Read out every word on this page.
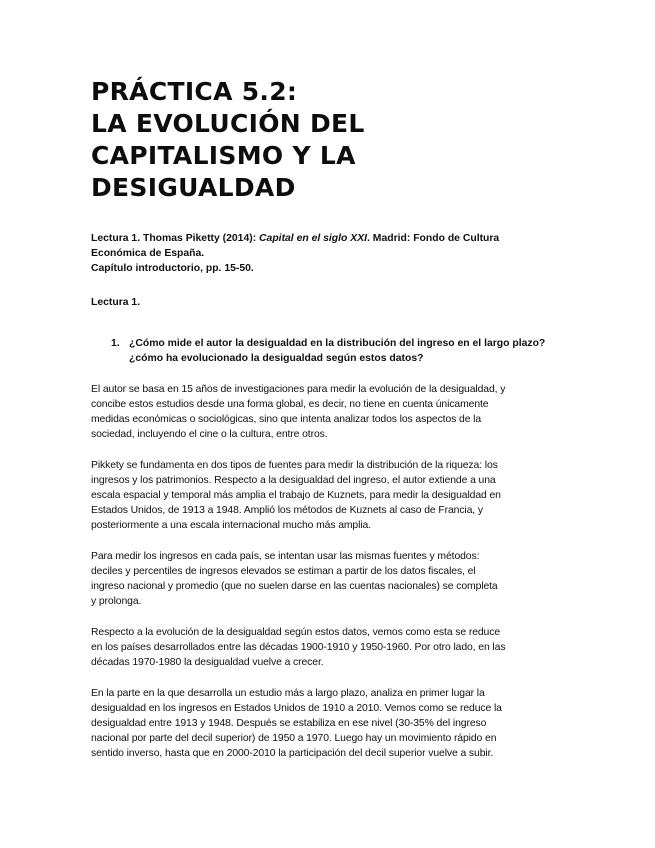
PRÁCTICA 5.2:
LA EVOLUCIÓN DEL
CAPITALISMO Y LA
DESIGUALDAD
Lectura 1. Thomas Piketty (2014): Capital en el siglo XXI. Madrid: Fondo de Cultura
Económica de España.
Capítulo introductorio, pp. 15-50.
Lectura 1.
1. ¿Cómo mide el autor la desigualdad en la distribución del ingreso en el largo plazo? ¿cómo ha evolucionado la desigualdad según estos datos?
El autor se basa en 15 años de investigaciones para medir la evolución de la desigualdad, y
concibe estos estudios desde una forma global, es decir, no tiene en cuenta únicamente
medidas económicas o sociológicas, sino que intenta analizar todos los aspectos de la
sociedad, incluyendo el cine o la cultura, entre otros.
Pikkety se fundamenta en dos tipos de fuentes para medir la distribución de la riqueza: los
ingresos y los patrimonios. Respecto a la desigualdad del ingreso, el autor extiende a una
escala espacial y temporal más amplia el trabajo de Kuznets, para medir la desigualdad en
Estados Unidos, de 1913 a 1948. Amplió los métodos de Kuznets al caso de Francia, y
posteriormente a una escala internacional mucho más amplia.
Para medir los ingresos en cada país, se intentan usar las mismas fuentes y métodos:
deciles y percentiles de ingresos elevados se estiman a partir de los datos fiscales, el
ingreso nacional y promedio (que no suelen darse en las cuentas nacionales) se completa
y prolonga.
Respecto a la evolución de la desigualdad según estos datos, vemos como esta se reduce
en los países desarrollados entre las décadas 1900-1910 y 1950-1960. Por otro lado, en las
décadas 1970-1980 la desigualdad vuelve a crecer.
En la parte en la que desarrolla un estudio más a largo plazo, analiza en primer lugar la
desigualdad en los ingresos en Estados Unidos de 1910 a 2010. Vemos como se reduce la
desigualdad entre 1913 y 1948. Después se estabiliza en ese nivel (30-35% del ingreso
nacional por parte del decil superior) de 1950 a 1970. Luego hay un movimiento rápido en
sentido inverso, hasta que en 2000-2010 la participación del decil superior vuelve a subir.
